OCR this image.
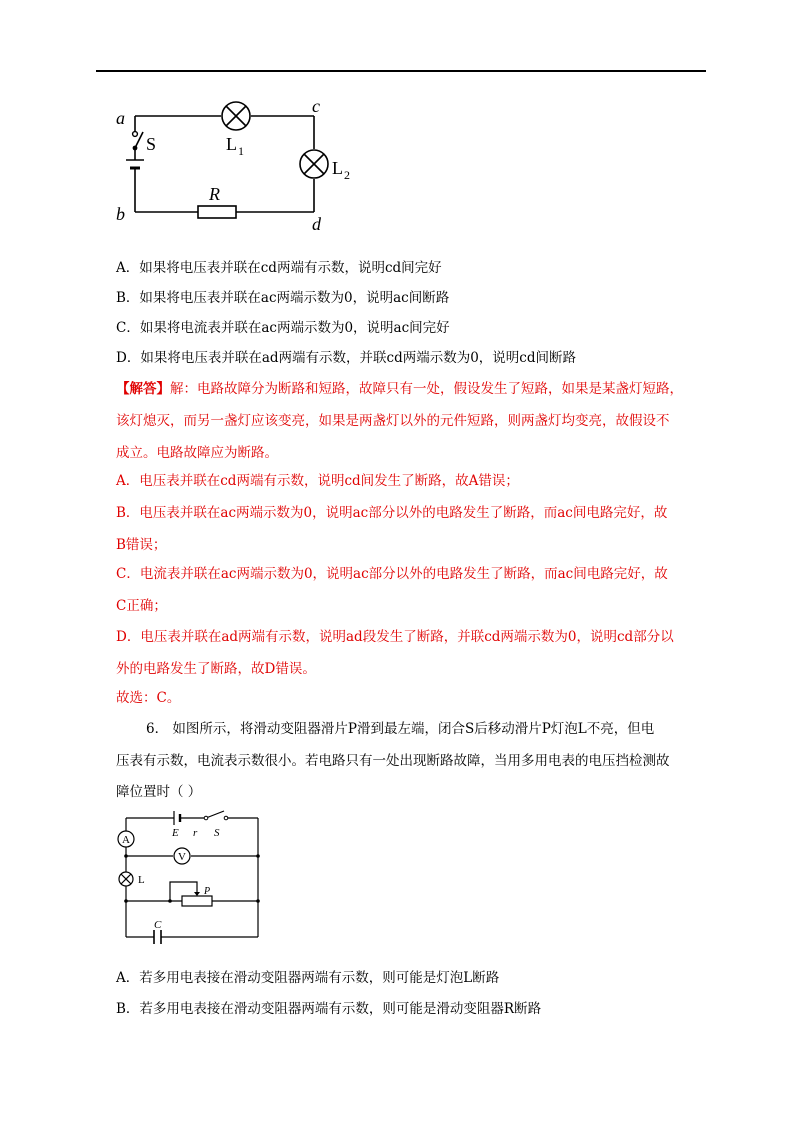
a
b
c
d
S
R
L 1
L 2
A．如果将电压表并联在cd两端有示数，说明cd间完好
B．如果将电压表并联在ac两端示数为0，说明ac间断路
C．如果将电流表并联在ac两端示数为0，说明ac间完好
D．如果将电压表并联在ad两端有示数，并联cd两端示数为0，说明cd间断路
【解答】解：电路故障分为断路和短路，故障只有一处，假设发生了短路，如果是某盏灯短路，
该灯熄灭，而另一盏灯应该变亮，如果是两盏灯以外的元件短路，则两盏灯均变亮，故假设不
成立。电路故障应为断路。
A．电压表并联在cd两端有示数，说明cd间发生了断路，故A错误；
B．电压表并联在ac两端示数为0，说明ac部分以外的电路发生了断路，而ac间电路完好，故
B错误；
C．电流表并联在ac两端示数为0，说明ac部分以外的电路发生了断路，而ac间电路完好，故
C正确；
D．电压表并联在ad两端有示数，说明ad段发生了断路，并联cd两端示数为0，说明cd部分以
外的电路发生了断路，故D错误。
故选：C。
6． 如图所示，将滑动变阻器滑片P滑到最左端，闭合S后移动滑片P灯泡L不亮，但电
压表有示数，电流表示数很小。若电路只有一处出现断路故障，当用多用电表的电压挡检测故
障位置时（ ）
A
V
E r S
L
P
C
A．若多用电表接在滑动变阻器两端有示数，则可能是灯泡L断路
B．若多用电表接在滑动变阻器两端有示数，则可能是滑动变阻器R断路
